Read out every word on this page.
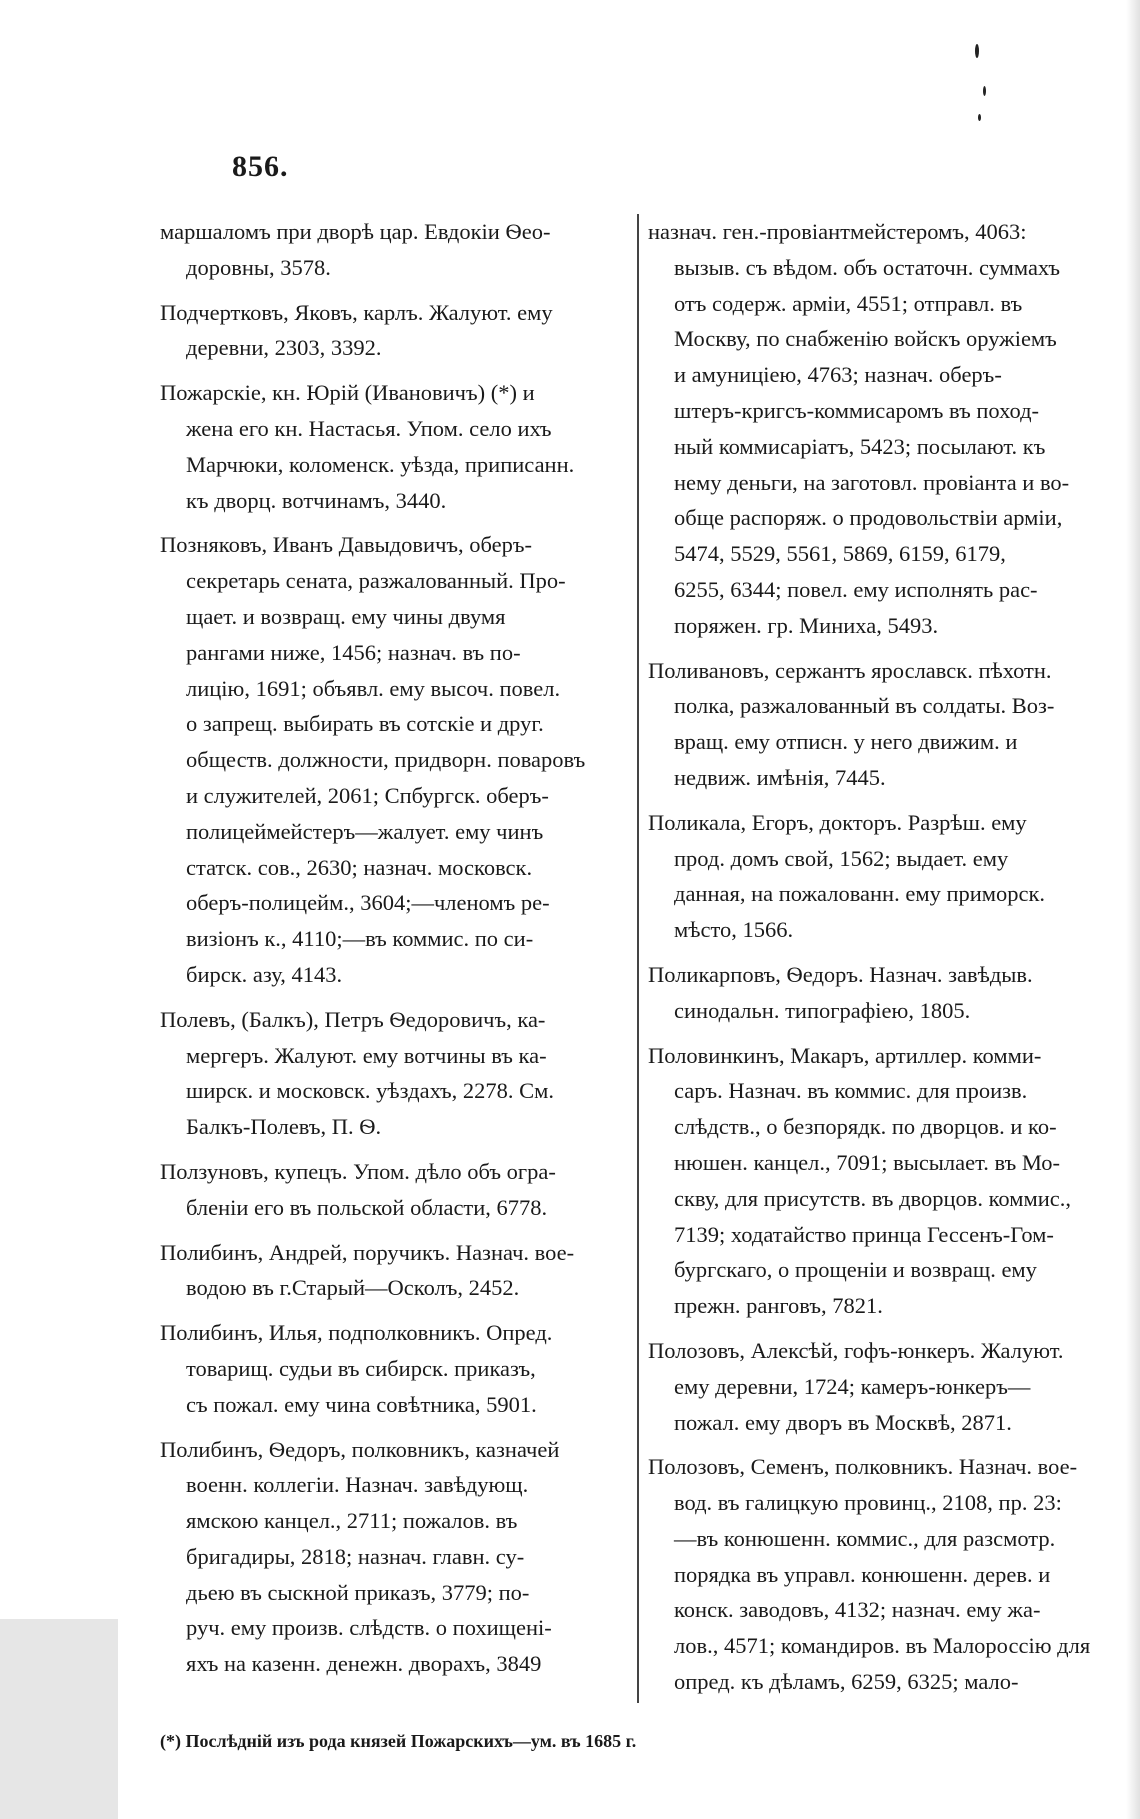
856.
маршаломъ при дворѣ цар. Евдокіи Ѳео-
доровны, 3578.
Подчертковъ, Яковъ, карлъ. Жалуют. ему
деревни, 2303, 3392.
Пожарскіе, кн. Юрій (Ивановичъ) (*) и
жена его кн. Настасья. Упом. село ихъ
Марчюки, коломенск. уѣзда, приписанн.
къ дворц. вотчинамъ, 3440.
Позняковъ, Иванъ Давыдовичъ, оберъ-
секретарь сената, разжалованный. Про-
щает. и возвращ. ему чины двумя
рангами ниже, 1456; назнач. въ по-
лицію, 1691; объявл. ему высоч. повел.
о запрещ. выбирать въ сотскіе и друг.
обществ. должности, придворн. поваровъ
и служителей, 2061; Спбургск. оберъ-
полицеймейстеръ—жалует. ему чинъ
статск. сов., 2630; назнач. московск.
оберъ-полицейм., 3604;—членомъ ре-
визіонъ к., 4110;—въ коммис. по си-
бирск. азу, 4143.
Полевъ, (Балкъ), Петръ Ѳедоровичъ, ка-
мергеръ. Жалуют. ему вотчины въ ка-
ширск. и московск. уѣздахъ, 2278. См.
Балкъ-Полевъ, П. Ѳ.
Ползуновъ, купецъ. Упом. дѣло объ огра-
бленіи его въ польской области, 6778.
Полибинъ, Андрей, поручикъ. Назнач. вое-
водою въ г.Старый—Осколъ, 2452.
Полибинъ, Илья, подполковникъ. Опред.
товарищ. судьи въ сибирск. приказъ,
съ пожал. ему чина совѣтника, 5901.
Полибинъ, Ѳедоръ, полковникъ, казначей
военн. коллегіи. Назнач. завѣдующ.
ямскою канцел., 2711; пожалов. въ
бригадиры, 2818; назнач. главн. су-
дьею въ сыскной приказъ, 3779; по-
руч. ему произв. слѣдств. о похищені-
яхъ на казенн. денежн. дворахъ, 3849
назнач. ген.-провіантмейстеромъ, 4063:
вызыв. съ вѣдом. объ остаточн. суммахъ
отъ содерж. арміи, 4551; отправл. въ
Москву, по снабженію войскъ оружіемъ
и амуниціею, 4763; назнач. оберъ-
штеръ-кригсъ-коммисаромъ въ поход-
ный коммисаріатъ, 5423; посылают. къ
нему деньги, на заготовл. провіанта и во-
обще распоряж. о продовольствіи арміи,
5474, 5529, 5561, 5869, 6159, 6179,
6255, 6344; повел. ему исполнять рас-
поряжен. гр. Миниха, 5493.
Поливановъ, сержантъ ярославск. пѣхотн.
полка, разжалованный въ солдаты. Воз-
вращ. ему отписн. у него движим. и
недвиж. имѣнія, 7445.
Поликала, Егоръ, докторъ. Разрѣш. ему
прод. домъ свой, 1562; выдает. ему
данная, на пожалованн. ему приморск.
мѣсто, 1566.
Поликарповъ, Ѳедоръ. Назнач. завѣдыв.
синодальн. типографіею, 1805.
Половинкинъ, Макаръ, артиллер. комми-
саръ. Назнач. въ коммис. для произв.
слѣдств., о безпорядк. по дворцов. и ко-
нюшен. канцел., 7091; высылает. въ Мо-
скву, для присутств. въ дворцов. коммис.,
7139; ходатайство принца Гессенъ-Гом-
бургскаго, о прощеніи и возвращ. ему
прежн. ранговъ, 7821.
Полозовъ, Алексѣй, гофъ-юнкеръ. Жалуют.
ему деревни, 1724; камеръ-юнкеръ—
пожал. ему дворъ въ Москвѣ, 2871.
Полозовъ, Семенъ, полковникъ. Назнач. вое-
вод. въ галицкую провинц., 2108, пр. 23:
—въ конюшенн. коммис., для разсмотр.
порядка въ управл. конюшенн. дерев. и
конск. заводовъ, 4132; назнач. ему жа-
лов., 4571; командиров. въ Малороссію для
опред. къ дѣламъ, 6259, 6325; мало-
(*) Послѣдній изъ рода князей Пожарскихъ—ум. въ 1685 г.
